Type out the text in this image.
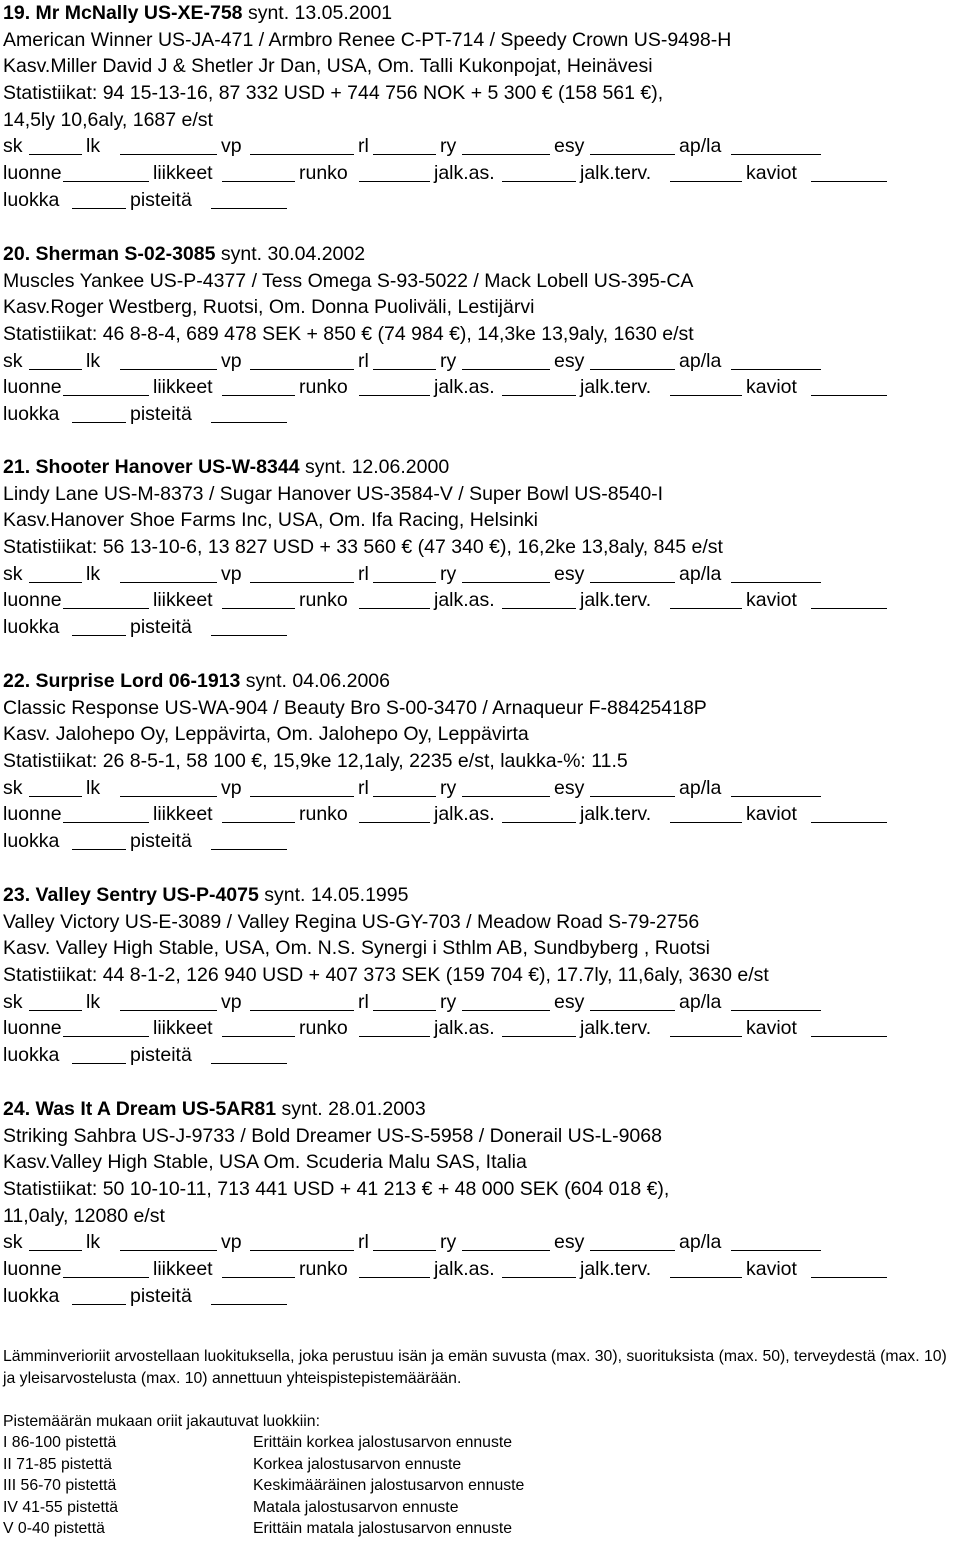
19. Mr McNally US-XE-758 synt. 13.05.2001
American Winner US-JA-471 / Armbro Renee C-PT-714 / Speedy Crown US-9498-H
Kasv.Miller David J & Shetler Jr Dan, USA, Om. Talli Kukonpojat, Heinävesi
Statistiikat: 94 15-13-16, 87 332 USD + 744 756 NOK + 5 300 € (158 561 €),
14,5ly 10,6aly, 1687 e/st
sk	lk	vp	rl	ry	esy	ap/la
luonne	liikkeet	runko	jalk.as.	jalk.terv.	kaviot
luokka	pisteitä
20. Sherman S-02-3085 synt. 30.04.2002
Muscles Yankee US-P-4377 / Tess Omega S-93-5022 / Mack Lobell US-395-CA
Kasv.Roger Westberg, Ruotsi, Om. Donna Puoliväli, Lestijärvi
Statistiikat: 46 8-8-4, 689 478 SEK + 850 € (74 984 €), 14,3ke 13,9aly, 1630 e/st
sk	lk	vp	rl	ry	esy	ap/la
luonne	liikkeet	runko	jalk.as.	jalk.terv.	kaviot
luokka	pisteitä
21. Shooter Hanover US-W-8344 synt. 12.06.2000
Lindy Lane US-M-8373 / Sugar Hanover US-3584-V / Super Bowl US-8540-I
Kasv.Hanover Shoe Farms Inc, USA, Om. Ifa Racing, Helsinki
Statistiikat: 56 13-10-6, 13 827 USD + 33 560 € (47 340 €), 16,2ke 13,8aly, 845 e/st
sk	lk	vp	rl	ry	esy	ap/la
luonne	liikkeet	runko	jalk.as.	jalk.terv.	kaviot
luokka	pisteitä
22. Surprise Lord 06-1913 synt. 04.06.2006
Classic Response US-WA-904 / Beauty Bro S-00-3470 / Arnaqueur F-88425418P
Kasv. Jalohepo Oy, Leppävirta, Om. Jalohepo Oy, Leppävirta
Statistiikat: 26 8-5-1, 58 100 €, 15,9ke 12,1aly, 2235 e/st, laukka-%: 11.5
sk	lk	vp	rl	ry	esy	ap/la
luonne	liikkeet	runko	jalk.as.	jalk.terv.	kaviot
luokka	pisteitä
23. Valley Sentry US-P-4075 synt. 14.05.1995
Valley Victory US-E-3089 / Valley Regina US-GY-703 / Meadow Road S-79-2756
Kasv. Valley High Stable, USA, Om. N.S. Synergi i Sthlm AB, Sundbyberg , Ruotsi
Statistiikat: 44 8-1-2, 126 940 USD + 407 373 SEK (159 704 €), 17.7ly, 11,6aly, 3630 e/st
sk	lk	vp	rl	ry	esy	ap/la
luonne	liikkeet	runko	jalk.as.	jalk.terv.	kaviot
luokka	pisteitä
24. Was It A Dream US-5AR81 synt. 28.01.2003
Striking Sahbra US-J-9733 / Bold Dreamer US-S-5958 / Donerail US-L-9068
Kasv.Valley High Stable, USA Om. Scuderia Malu SAS, Italia
Statistiikat: 50 10-10-11, 713 441 USD + 41 213 € + 48 000 SEK (604 018 €),
11,0aly, 12080 e/st
sk	lk	vp	rl	ry	esy	ap/la
luonne	liikkeet	runko	jalk.as.	jalk.terv.	kaviot
luokka	pisteitä

Lämminverioriit arvostellaan luokituksella, joka perustuu isän ja emän suvusta (max. 30), suorituksista (max. 50), terveydestä (max. 10) ja yleisarvostelusta (max. 10) annettuun yhteispistepistemäärään.

Pistemäärän mukaan oriit jakautuvat luokkiin:

I 86-100 pistettä	Erittäin korkea jalostusarvon ennuste
II 71-85 pistettä	Korkea jalostusarvon ennuste
III 56-70 pistettä	Keskimääräinen jalostusarvon ennuste
IV 41-55 pistettä	Matala jalostusarvon ennuste
V 0-40 pistettä	Erittäin matala jalostusarvon ennuste
